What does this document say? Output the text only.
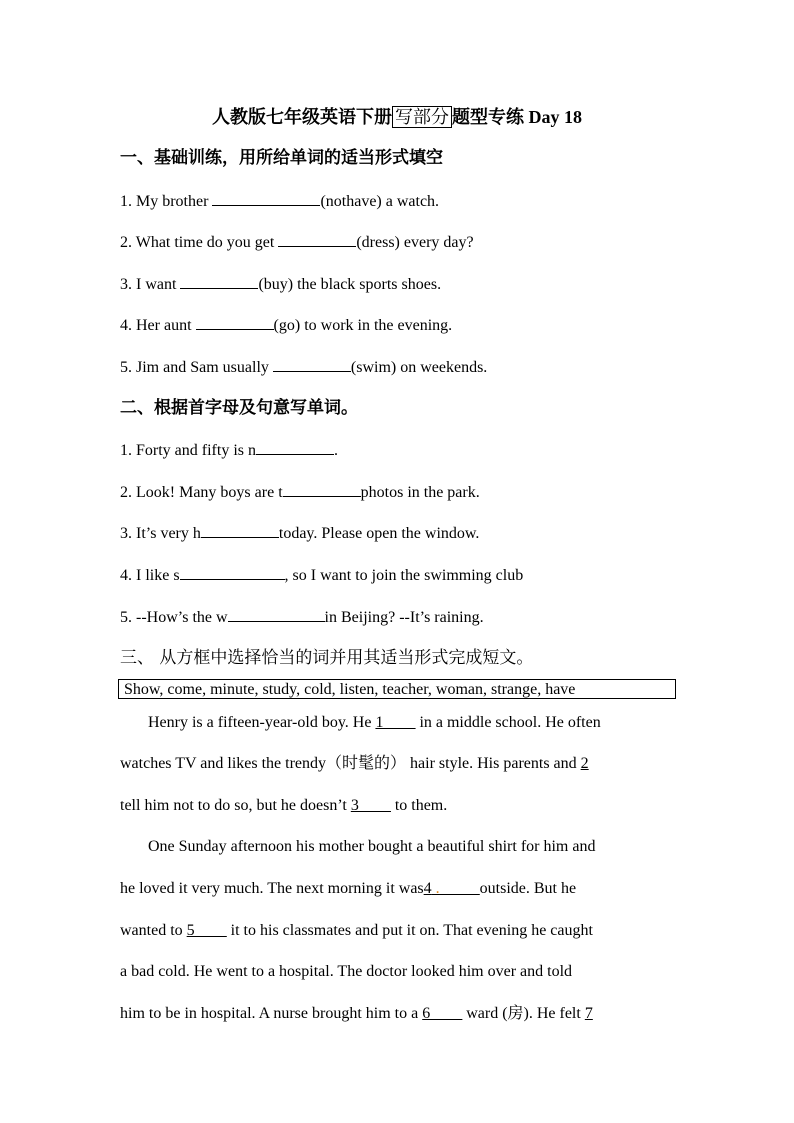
人教版七年级英语下册 写部分 题型专练 Day 18
一、基础训练，用所给单词的适当形式填空
1. My brother	(nothave) a watch.
2. What time do you get	(dress) every day?
3. I want	(buy) the black sports shoes.
4. Her aunt	(go) to work in the evening.
5. Jim and Sam usually	(swim) on weekends.
二、根据首字母及句意写单词。
1. Forty and fifty is n	.
2. Look! Many boys are t	photos in the park.
3. It’s very h	today. Please open the window.
4. I like s	, so I want to join the swimming club
5. --How’s the w	in Beijing? --It’s raining.
三、 从方框中选择恰当的词并用其适当形式完成短文。
Show, come, minute, study, cold, listen, teacher, woman, strange, have
Henry is a fifteen-year-old boy. He 1____ in a middle school. He often
watches TV and likes the trendy（时髦的） hair style. His parents and 2
tell him not to do so, but he doesn’t 3____ to them.
One Sunday afternoon his mother bought a beautiful shirt for him and
he loved it very much. The next morning it was4 ._____outside. But he
wanted to 5____ it to his classmates and put it on. That evening he caught
a bad cold. He went to a hospital. The doctor looked him over and told
him to be in hospital. A nurse brought him to a 6____ ward (房). He felt 7
